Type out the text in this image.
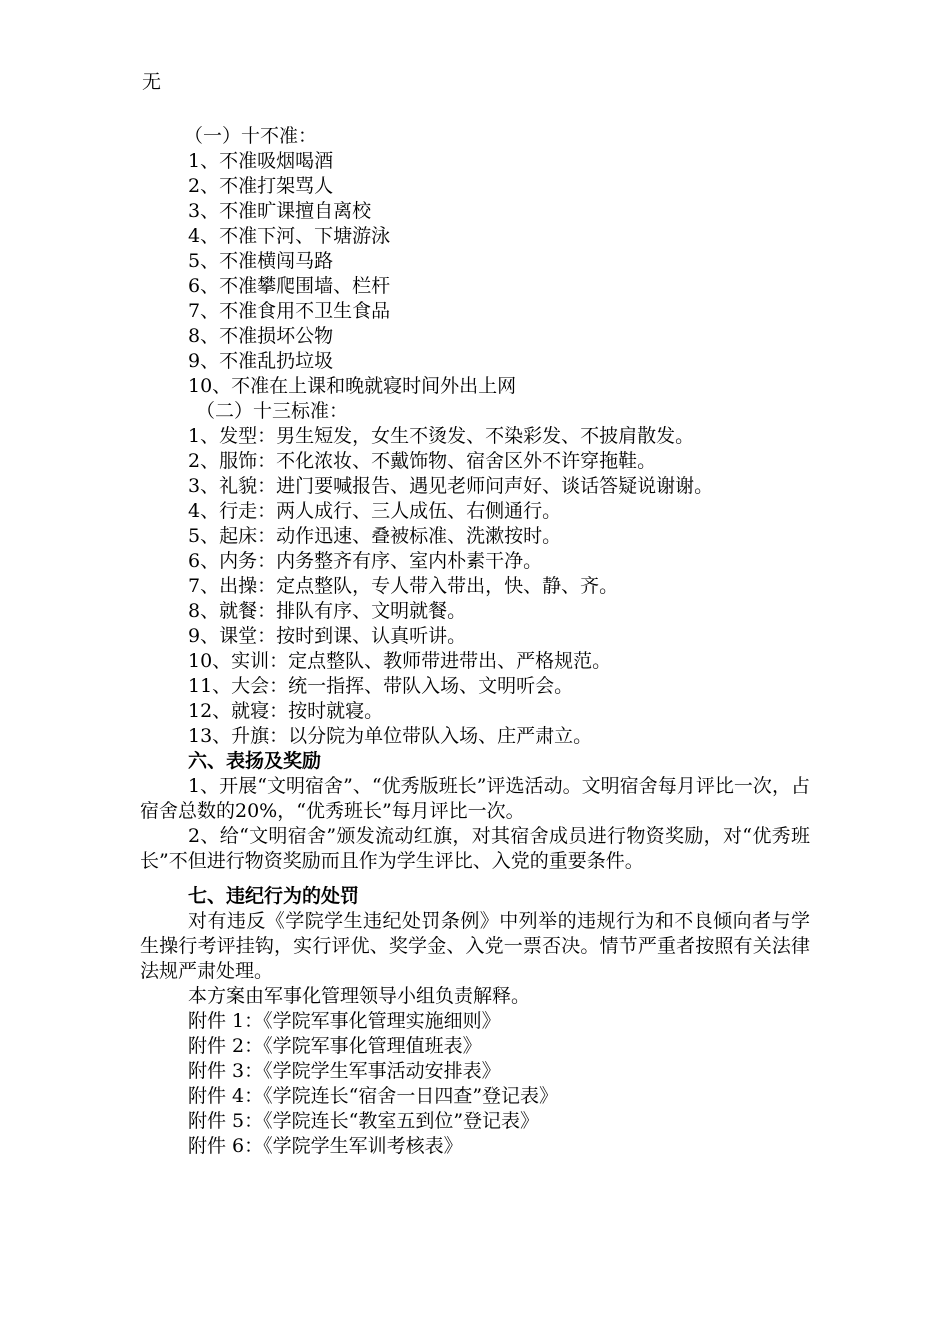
无
（一）十不准：
1、不准吸烟喝酒
2、不准打架骂人
3、不准旷课擅自离校
4、不准下河、下塘游泳
5、不准横闯马路
6、不准攀爬围墙、栏杆
7、不准食用不卫生食品
8、不准损坏公物
9、不准乱扔垃圾
10、不准在上课和晚就寝时间外出上网
（二）十三标准：
1、发型：男生短发，女生不烫发、不染彩发、不披肩散发。
2、服饰：不化浓妆、不戴饰物、宿舍区外不许穿拖鞋。
3、礼貌：进门要喊报告、遇见老师问声好、谈话答疑说谢谢。
4、行走：两人成行、三人成伍、右侧通行。
5、起床：动作迅速、叠被标准、洗漱按时。
6、内务：内务整齐有序、室内朴素干净。
7、出操：定点整队，专人带入带出，快、静、齐。
8、就餐：排队有序、文明就餐。
9、课堂：按时到课、认真听讲。
10、实训：定点整队、教师带进带出、严格规范。
11、大会：统一指挥、带队入场、文明听会。
12、就寝：按时就寝。
13、升旗：以分院为单位带队入场、庄严肃立。
六、表扬及奖励
1、开展“文明宿舍”、“优秀版班长”评选活动。文明宿舍每月评比一次，占宿舍总数的20%，“优秀班长”每月评比一次。
2、给“文明宿舍”颁发流动红旗，对其宿舍成员进行物资奖励，对“优秀班长”不但进行物资奖励而且作为学生评比、入党的重要条件。
七、违纪行为的处罚
对有违反《学院学生违纪处罚条例》中列举的违规行为和不良倾向者与学生操行考评挂钩，实行评优、奖学金、入党一票否决。情节严重者按照有关法律法规严肃处理。
本方案由军事化管理领导小组负责解释。
附件 1：《学院军事化管理实施细则》
附件 2：《学院军事化管理值班表》
附件 3：《学院学生军事活动安排表》
附件 4：《学院连长“宿舍一日四查”登记表》
附件 5：《学院连长“教室五到位”登记表》
附件 6：《学院学生军训考核表》
